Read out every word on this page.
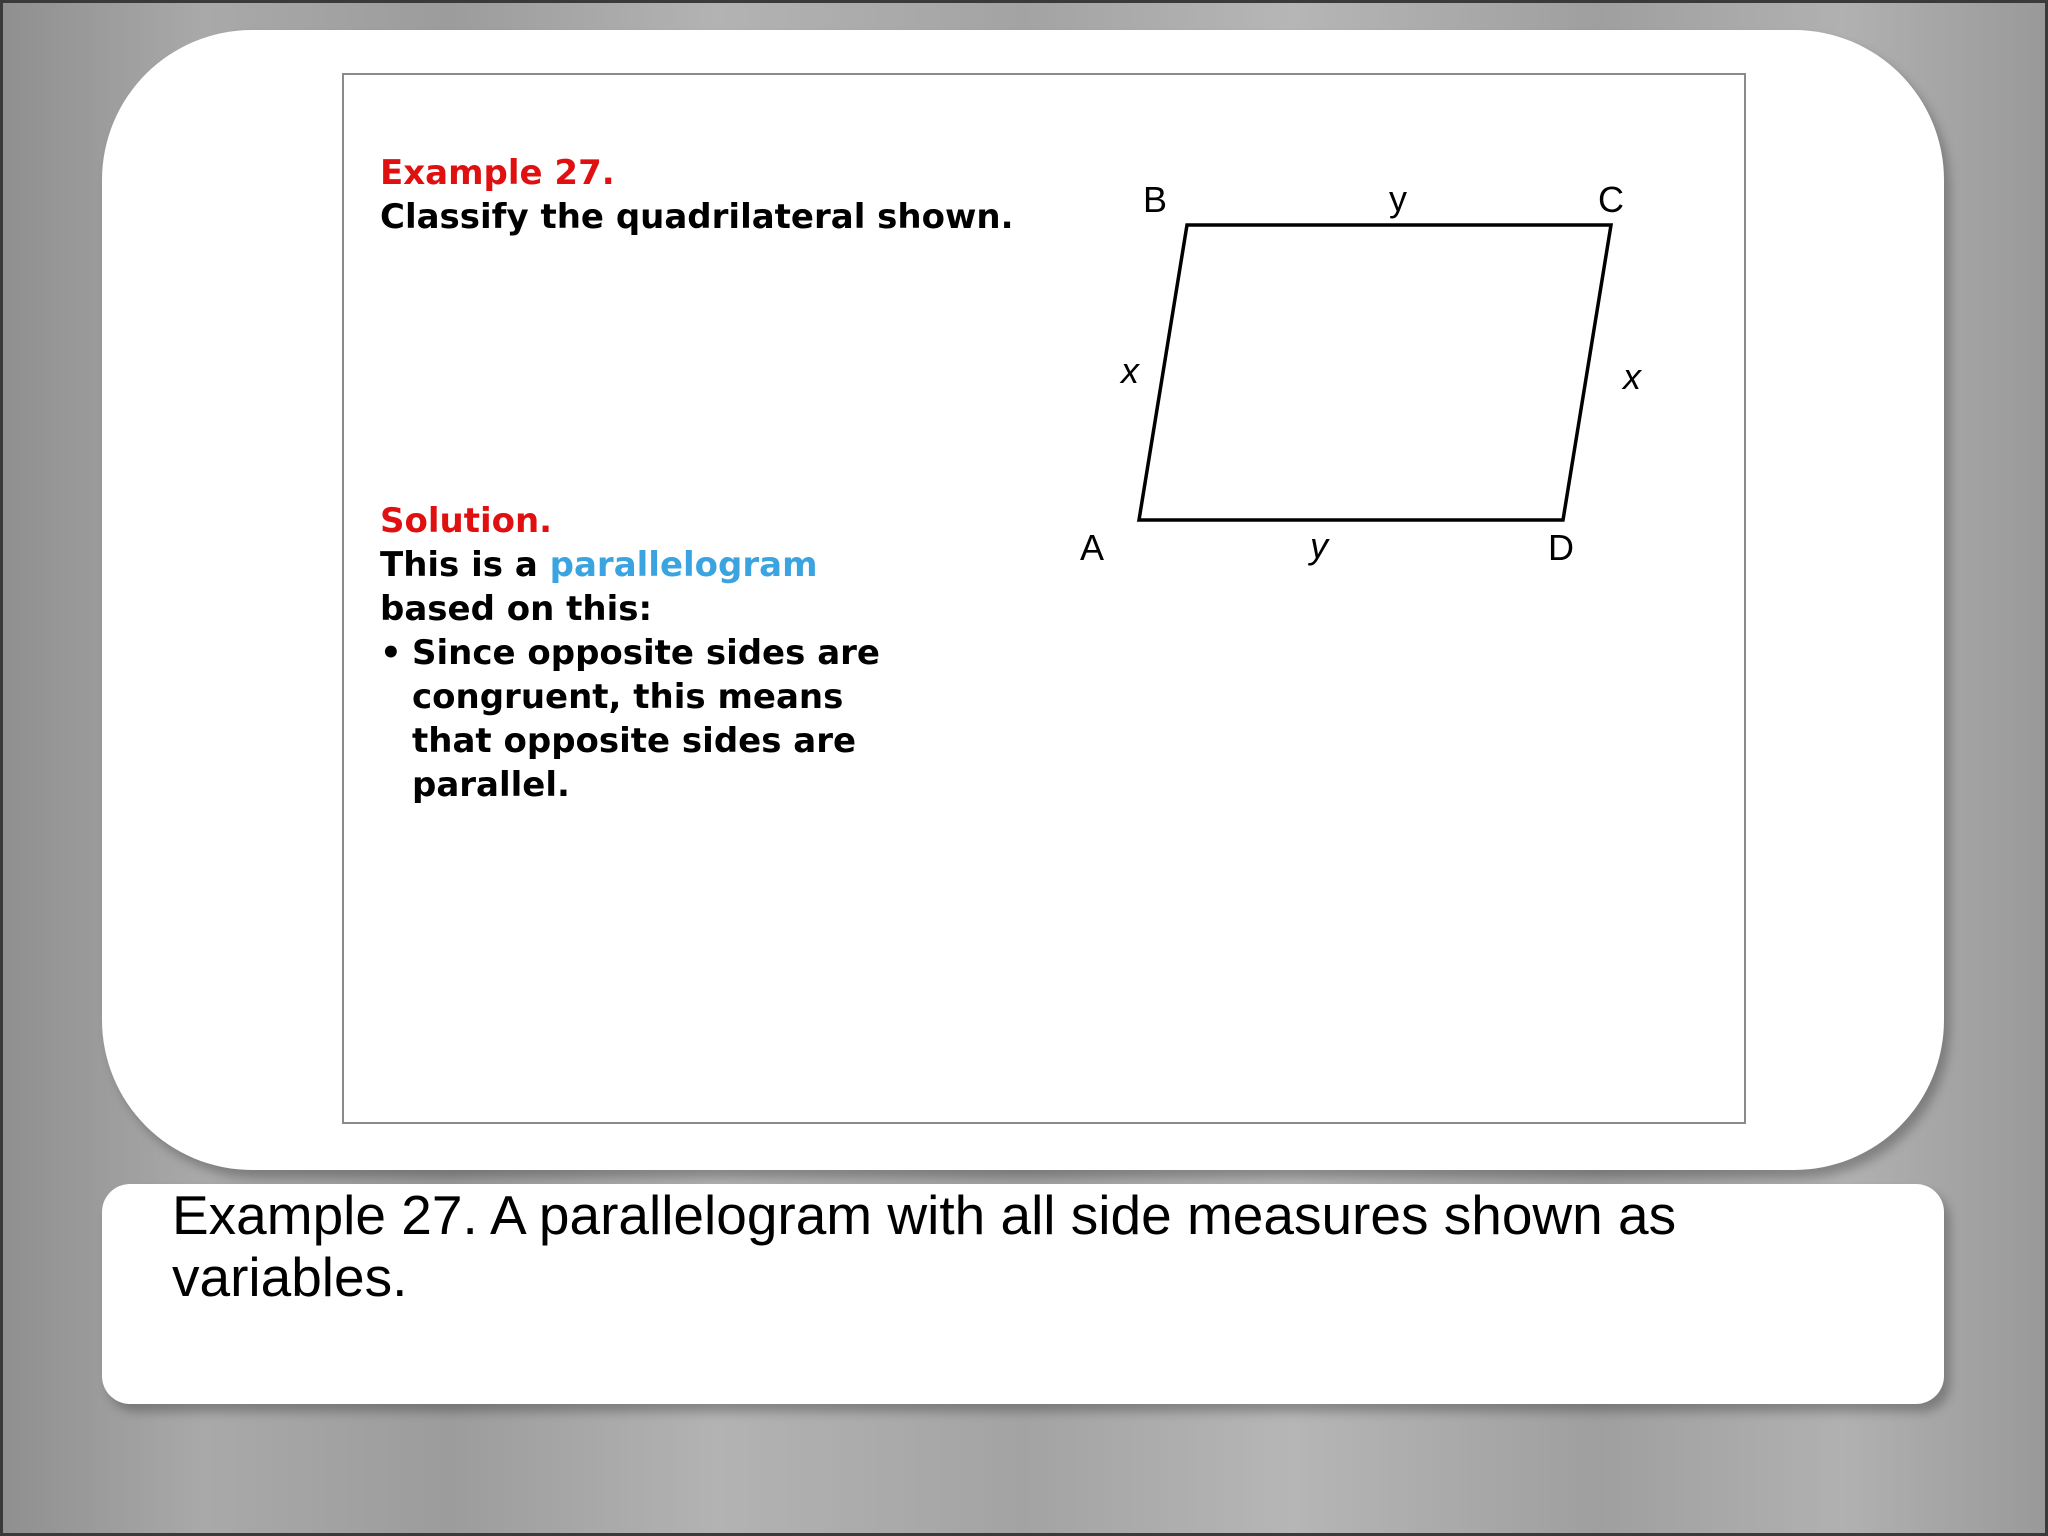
Example 27.
Classify the quadrilateral shown.
Solution.
This is a parallelogram
based on this:
• Since opposite sides are
congruent, this means
that opposite sides are
parallel.
B	C
A	D
y
y
x	x
Example 27. A parallelogram with all side measures shown as variables.
